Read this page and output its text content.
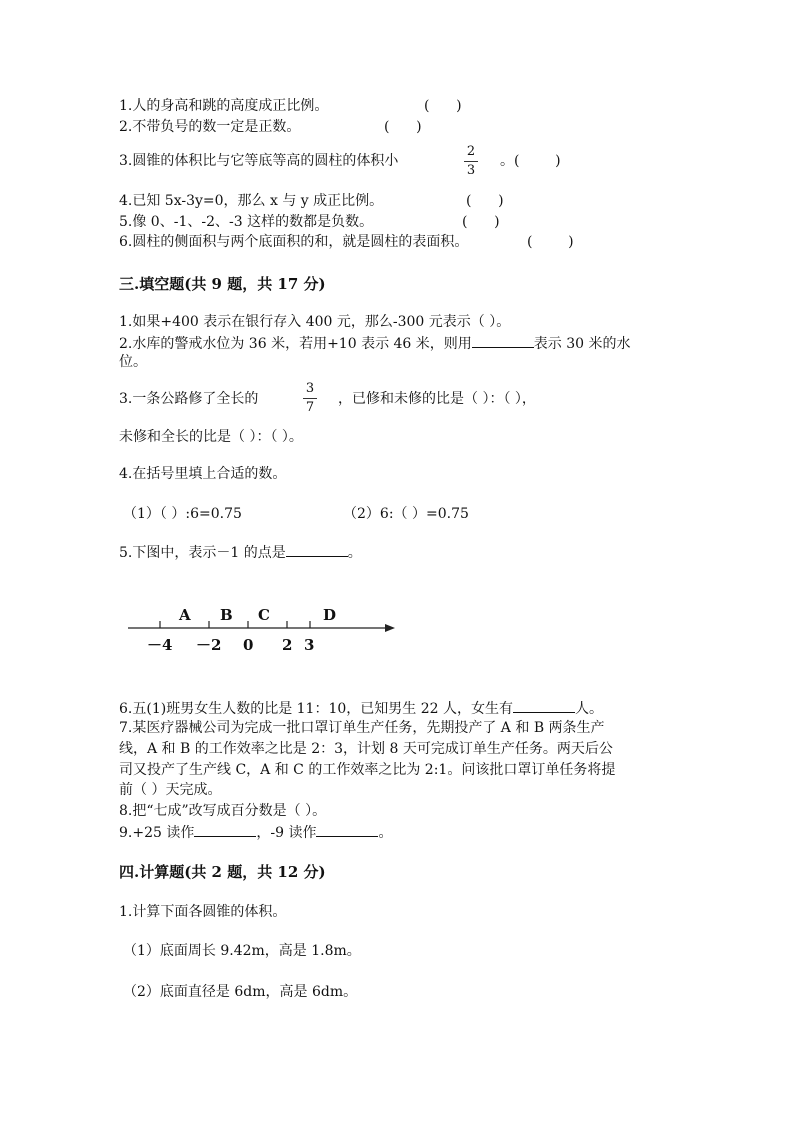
1.人的身高和跳的高度成正比例。	(      )
2.不带负号的数一定是正数。	(      )
3.圆锥的体积比与它等底等高的圆柱的体积小
2
3
。(        )
4.已知 5x-3y=0，那么 x 与 y 成正比例。	(      )
5.像 0、-1、-2、-3 这样的数都是负数。	(      )
6.圆柱的侧面积与两个底面积的和，就是圆柱的表面积。	(        )
三.填空题(共 9 题，共 17 分)
1.如果+400 表示在银行存入 400 元，那么-300 元表示（ ）。
2.水库的警戒水位为 36 米，若用+10 表示 46 米，则用	表示 30 米的水
位。
3.一条公路修了全长的
3
7
，已修和未修的比是（ ）：（ ），
未修和全长的比是（ ）：（ ）。
4.在括号里填上合适的数。
（1）（ ）:6=0.75	（2）6:（ ）=0.75
5.下图中，表示－1 的点是	。
A B C	D
－4 －2 0 2 3
6.五(1)班男女生人数的比是 11：10，已知男生 22 人，女生有	人。
7.某医疗器械公司为完成一批口罩订单生产任务，先期投产了 A 和 B 两条生产
线，A 和 B 的工作效率之比是 2：3，计划 8 天可完成订单生产任务。两天后公
司又投产了生产线 C，A 和 C 的工作效率之比为 2:1。问该批口罩订单任务将提
前（ ）天完成。
8.把“七成”改写成百分数是（ ）。
9.+25 读作	，-9 读作	。
四.计算题(共 2 题，共 12 分)
1.计算下面各圆锥的体积。
（1）底面周长 9.42m，高是 1.8m。
（2）底面直径是 6dm，高是 6dm。
